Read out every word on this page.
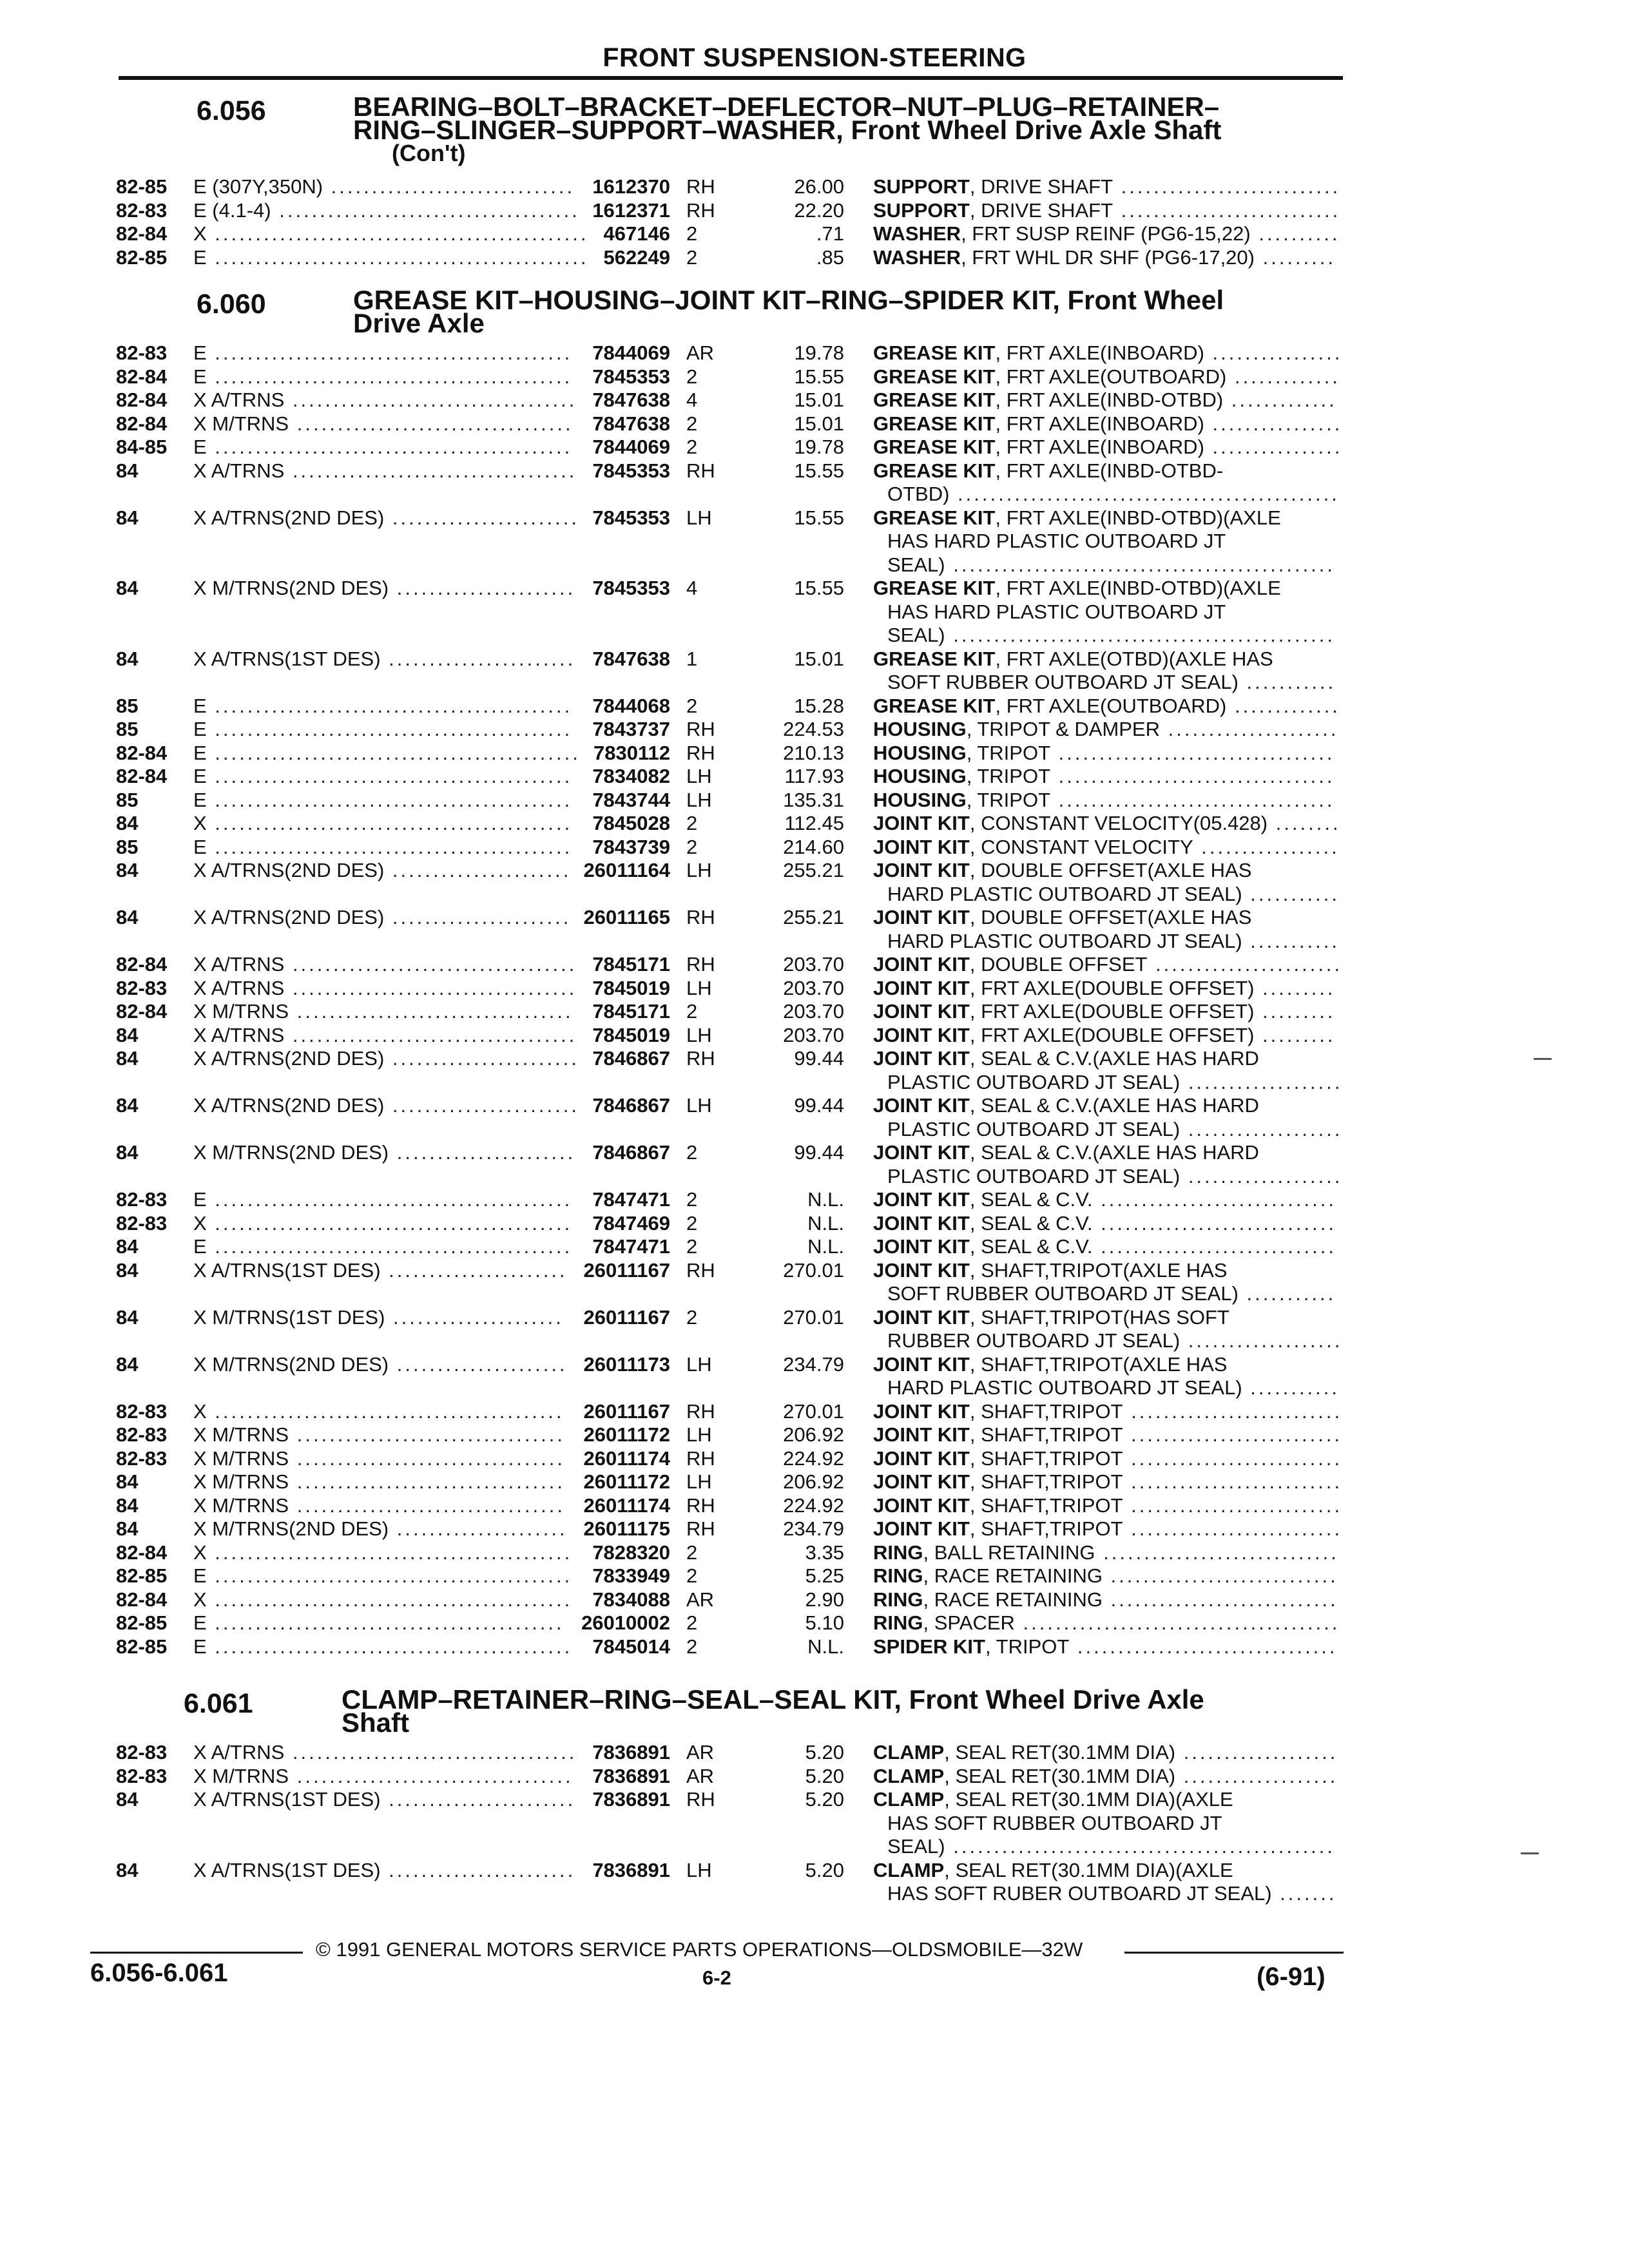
FRONT SUSPENSION-STEERING
6.056	BEARING–BOLT–BRACKET–DEFLECTOR–NUT–PLUG–RETAINER–
RING–SLINGER–SUPPORT–WASHER, Front Wheel Drive Axle Shaft
(Con't)
82-85 E (307Y,350N) .............................. 1612370 RH	26.00 SUPPORT, DRIVE SHAFT ...........................
82-83 E (4.1-4) ..................................... 1612371 RH	22.20 SUPPORT, DRIVE SHAFT ...........................
82-84 X .............................................. 467146 2	.71 WASHER, FRT SUSP REINF (PG6-15,22) ..........
82-85 E .............................................. 562249 2	.85 WASHER, FRT WHL DR SHF (PG6-17,20) .........
6.060	GREASE KIT–HOUSING–JOINT KIT–RING–SPIDER KIT, Front Wheel
Drive Axle
82-83 E ............................................ 7844069 AR	19.78 GREASE KIT, FRT AXLE(INBOARD) ................
82-84 E ............................................ 7845353 2	15.55 GREASE KIT, FRT AXLE(OUTBOARD) .............
82-84 X A/TRNS ................................... 7847638 4	15.01 GREASE KIT, FRT AXLE(INBD-OTBD) .............
82-84 X M/TRNS .................................. 7847638 2	15.01 GREASE KIT, FRT AXLE(INBOARD) ................
84-85 E ............................................ 7844069 2	19.78 GREASE KIT, FRT AXLE(INBOARD) ................
84	X A/TRNS ................................... 7845353 RH	15.55 GREASE KIT, FRT AXLE(INBD-OTBD-
OTBD) ...............................................
84	X A/TRNS(2ND DES) ....................... 7845353 LH	15.55 GREASE KIT, FRT AXLE(INBD-OTBD)(AXLE
HAS HARD PLASTIC OUTBOARD JT
SEAL) ...............................................
84	X M/TRNS(2ND DES) ...................... 7845353 4	15.55 GREASE KIT, FRT AXLE(INBD-OTBD)(AXLE
HAS HARD PLASTIC OUTBOARD JT
SEAL) ...............................................
84	X A/TRNS(1ST DES) ....................... 7847638 1	15.01 GREASE KIT, FRT AXLE(OTBD)(AXLE HAS
SOFT RUBBER OUTBOARD JT SEAL) ...........
85	E ............................................ 7844068 2	15.28 GREASE KIT, FRT AXLE(OUTBOARD) .............
85	E ............................................ 7843737 RH	224.53 HOUSING, TRIPOT & DAMPER .....................
82-84 E ............................................. 7830112 RH	210.13 HOUSING, TRIPOT ..................................
82-84 E ............................................ 7834082 LH	117.93 HOUSING, TRIPOT ..................................
85	E ............................................ 7843744 LH	135.31 HOUSING, TRIPOT ..................................
84	X ............................................ 7845028 2	112.45 JOINT KIT, CONSTANT VELOCITY(05.428) ........
85	E ............................................ 7843739 2	214.60 JOINT KIT, CONSTANT VELOCITY .................
84	X A/TRNS(2ND DES) ...................... 26011164 LH	255.21 JOINT KIT, DOUBLE OFFSET(AXLE HAS
HARD PLASTIC OUTBOARD JT SEAL) ...........
84	X A/TRNS(2ND DES) ...................... 26011165 RH	255.21 JOINT KIT, DOUBLE OFFSET(AXLE HAS
HARD PLASTIC OUTBOARD JT SEAL) ...........
82-84 X A/TRNS ................................... 7845171 RH	203.70 JOINT KIT, DOUBLE OFFSET .......................
82-83 X A/TRNS ................................... 7845019 LH	203.70 JOINT KIT, FRT AXLE(DOUBLE OFFSET) .........
82-84 X M/TRNS .................................. 7845171 2	203.70 JOINT KIT, FRT AXLE(DOUBLE OFFSET) .........
84	X A/TRNS ................................... 7845019 LH	203.70 JOINT KIT, FRT AXLE(DOUBLE OFFSET) .........
84	X A/TRNS(2ND DES) ....................... 7846867 RH	99.44 JOINT KIT, SEAL & C.V.(AXLE HAS HARD
PLASTIC OUTBOARD JT SEAL) ...................
84	X A/TRNS(2ND DES) ....................... 7846867 LH	99.44 JOINT KIT, SEAL & C.V.(AXLE HAS HARD
PLASTIC OUTBOARD JT SEAL) ...................
84	X M/TRNS(2ND DES) ...................... 7846867 2	99.44 JOINT KIT, SEAL & C.V.(AXLE HAS HARD
PLASTIC OUTBOARD JT SEAL) ...................
82-83 E ............................................ 7847471 2	N.L. JOINT KIT, SEAL & C.V. .............................
82-83 X ............................................ 7847469 2	N.L. JOINT KIT, SEAL & C.V. .............................
84	E ............................................ 7847471 2	N.L. JOINT KIT, SEAL & C.V. .............................
84	X A/TRNS(1ST DES) ...................... 26011167 RH	270.01 JOINT KIT, SHAFT,TRIPOT(AXLE HAS
SOFT RUBBER OUTBOARD JT SEAL) ...........
84	X M/TRNS(1ST DES) ..................... 26011167 2	270.01 JOINT KIT, SHAFT,TRIPOT(HAS SOFT
RUBBER OUTBOARD JT SEAL) ...................
84	X M/TRNS(2ND DES) ..................... 26011173 LH	234.79 JOINT KIT, SHAFT,TRIPOT(AXLE HAS
HARD PLASTIC OUTBOARD JT SEAL) ...........
82-83 X ........................................... 26011167 RH	270.01 JOINT KIT, SHAFT,TRIPOT ..........................
82-83 X M/TRNS ................................. 26011172 LH	206.92 JOINT KIT, SHAFT,TRIPOT ..........................
82-83 X M/TRNS ................................. 26011174 RH	224.92 JOINT KIT, SHAFT,TRIPOT ..........................
84	X M/TRNS ................................. 26011172 LH	206.92 JOINT KIT, SHAFT,TRIPOT ..........................
84	X M/TRNS ................................. 26011174 RH	224.92 JOINT KIT, SHAFT,TRIPOT ..........................
84	X M/TRNS(2ND DES) ..................... 26011175 RH	234.79 JOINT KIT, SHAFT,TRIPOT ..........................
82-84 X ............................................ 7828320 2	3.35 RING, BALL RETAINING .............................
82-85 E ............................................ 7833949 2	5.25 RING, RACE RETAINING ............................
82-84 X ............................................ 7834088 AR	2.90 RING, RACE RETAINING ............................
82-85 E ........................................... 26010002 2	5.10 RING, SPACER .......................................
82-85 E ............................................ 7845014 2	N.L. SPIDER KIT, TRIPOT ................................
6.061	CLAMP–RETAINER–RING–SEAL–SEAL KIT, Front Wheel Drive Axle
Shaft
82-83 X A/TRNS ................................... 7836891 AR	5.20 CLAMP, SEAL RET(30.1MM DIA) ...................
82-83 X M/TRNS .................................. 7836891 AR	5.20 CLAMP, SEAL RET(30.1MM DIA) ...................
84	X A/TRNS(1ST DES) ....................... 7836891 RH	5.20 CLAMP, SEAL RET(30.1MM DIA)(AXLE
HAS SOFT RUBBER OUTBOARD JT
SEAL) ...............................................
84	X A/TRNS(1ST DES) ....................... 7836891 LH	5.20 CLAMP, SEAL RET(30.1MM DIA)(AXLE
HAS SOFT RUBER OUTBOARD JT SEAL) .......
© 1991 GENERAL MOTORS SERVICE PARTS OPERATIONS—OLDSMOBILE—32W
6.056-6.061	6-2	(6-91)
